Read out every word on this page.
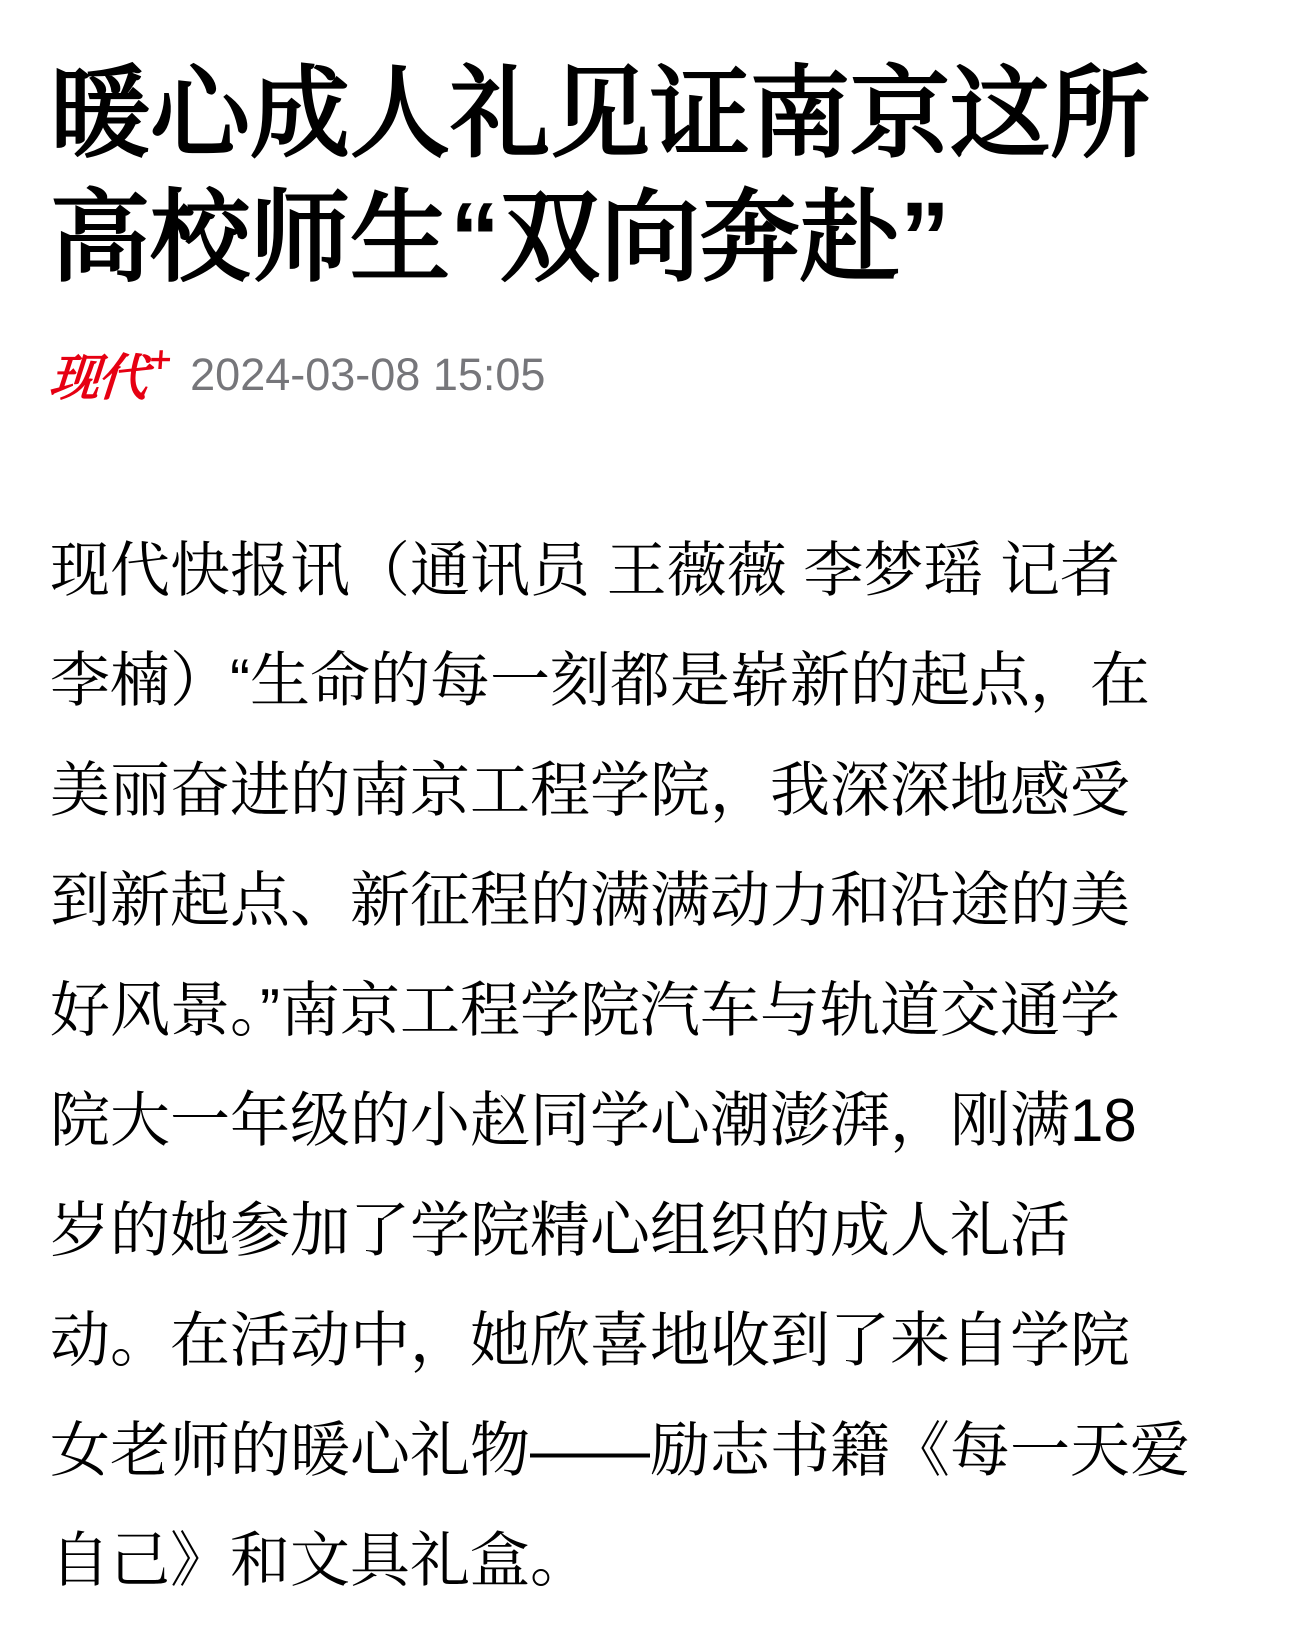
暖心成人礼见证南京这所
高校师生“双向奔赴”
现代+ 2024-03-08 15:05

现代快报讯（通讯员 王薇薇 李梦瑶 记者

李楠）“生命的每一刻都是崭新的起点，在

美丽奋进的南京工程学院，我深深地感受

到新起点、新征程的满满动力和沿途的美

好风景。”南京工程学院汽车与轨道交通学

院大一年级的小赵同学心潮澎湃，刚满18

岁的她参加了学院精心组织的成人礼活

动。在活动中，她欣喜地收到了来自学院

女老师的暖心礼物——励志书籍《每一天爱

自己》和文具礼盒。
